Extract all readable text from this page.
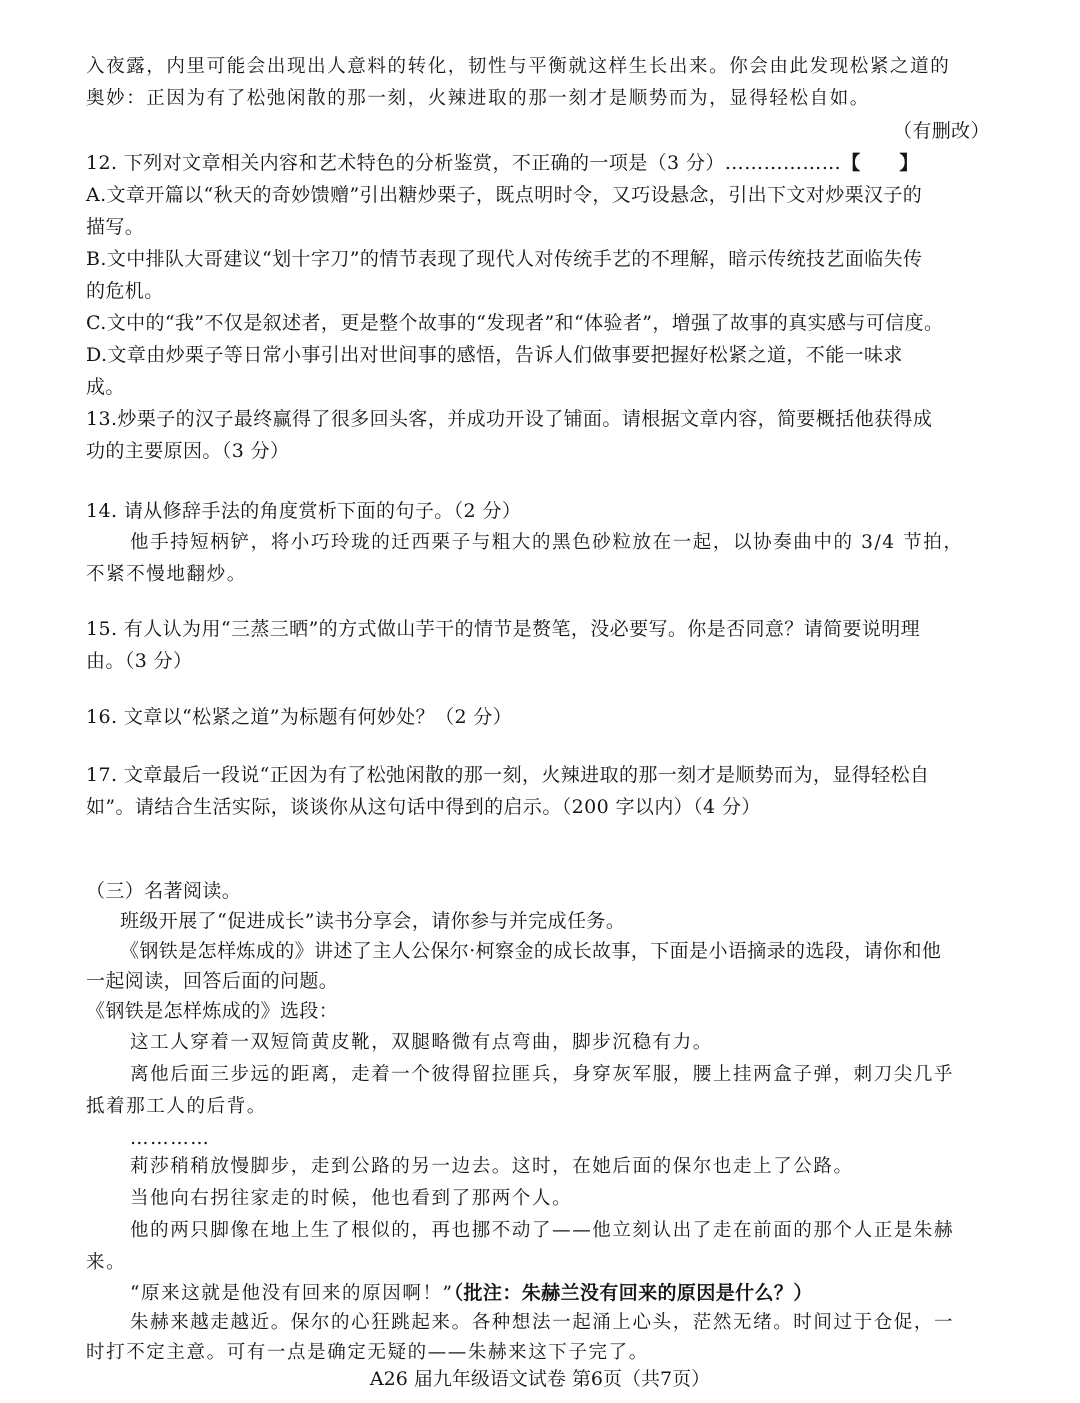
入夜露，内里可能会出现出人意料的转化，韧性与平衡就这样生长出来。你会由此发现松紧之道的
奥妙：正因为有了松弛闲散的那一刻，火辣进取的那一刻才是顺势而为，显得轻松自如。
（有删改）
12. 下列对文章相关内容和艺术特色的分析鉴赏，不正确的一项是（3 分）………………【　　】
A.文章开篇以“秋天的奇妙馈赠”引出糖炒栗子，既点明时令，又巧设悬念，引出下文对炒栗汉子的
描写。
B.文中排队大哥建议“划十字刀”的情节表现了现代人对传统手艺的不理解，暗示传统技艺面临失传
的危机。
C.文中的“我”不仅是叙述者，更是整个故事的“发现者”和“体验者”，增强了故事的真实感与可信度。
D.文章由炒栗子等日常小事引出对世间事的感悟，告诉人们做事要把握好松紧之道，不能一味求
成。
13.炒栗子的汉子最终赢得了很多回头客，并成功开设了铺面。请根据文章内容，简要概括他获得成
功的主要原因。（3 分）
14. 请从修辞手法的角度赏析下面的句子。（2 分）
他手持短柄铲，将小巧玲珑的迁西栗子与粗大的黑色砂粒放在一起，以协奏曲中的 3/4 节拍，
不紧不慢地翻炒。
15. 有人认为用“三蒸三晒”的方式做山芋干的情节是赘笔，没必要写。你是否同意？请简要说明理
由。（3 分）
16. 文章以“松紧之道”为标题有何妙处？（2 分）
17. 文章最后一段说“正因为有了松弛闲散的那一刻，火辣进取的那一刻才是顺势而为，显得轻松自
如”。请结合生活实际，谈谈你从这句话中得到的启示。（200 字以内）（4 分）
（三）名著阅读。
班级开展了“促进成长”读书分享会，请你参与并完成任务。
《钢铁是怎样炼成的》讲述了主人公保尔·柯察金的成长故事，下面是小语摘录的选段，请你和他
一起阅读，回答后面的问题。
《钢铁是怎样炼成的》选段：
这工人穿着一双短筒黄皮靴，双腿略微有点弯曲，脚步沉稳有力。
离他后面三步远的距离，走着一个彼得留拉匪兵，身穿灰军服，腰上挂两盒子弹，刺刀尖几乎
抵着那工人的后背。
…………
莉莎稍稍放慢脚步，走到公路的另一边去。这时，在她后面的保尔也走上了公路。
当他向右拐往家走的时候，他也看到了那两个人。
他的两只脚像在地上生了根似的，再也挪不动了——他立刻认出了走在前面的那个人正是朱赫
来。
“原来这就是他没有回来的原因啊！”（批注：朱赫兰没有回来的原因是什么？）
朱赫来越走越近。保尔的心狂跳起来。各种想法一起涌上心头，茫然无绪。时间过于仓促，一
时打不定主意。可有一点是确定无疑的——朱赫来这下子完了。
A26 届九年级语文试卷 第6页（共7页）
